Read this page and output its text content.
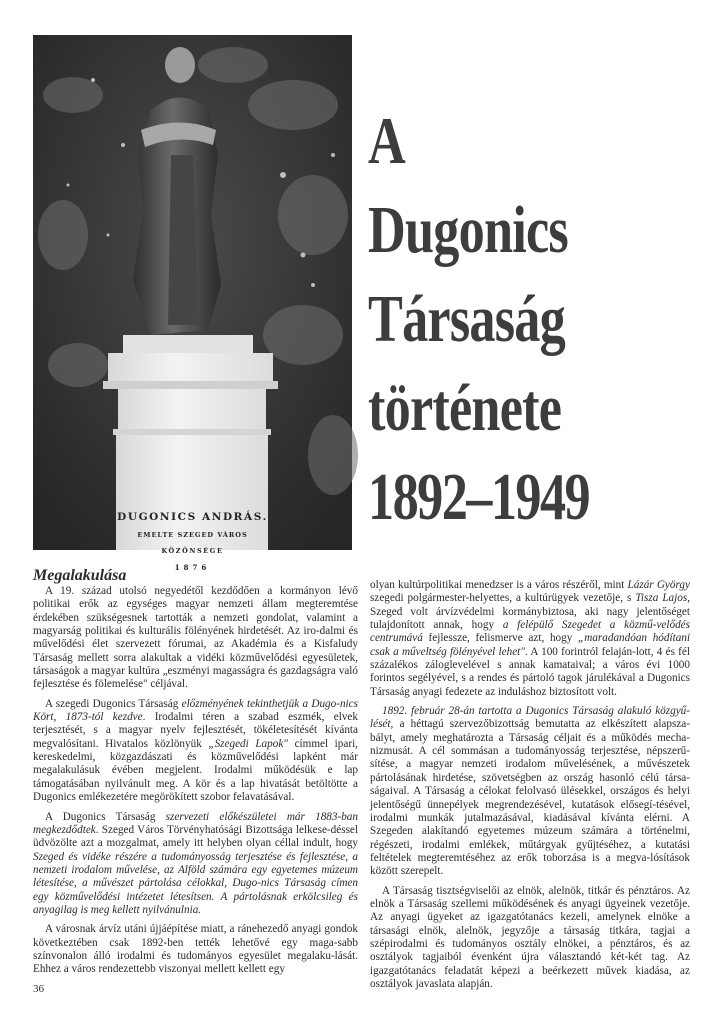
DUGONICS ANDRÁS.
EMELTE SZEGED VÁROS
KÖZÖNSÉGE
1876
A
Dugonics
Társaság
története
1892–1949
Megalakulása

A 19. század utolsó negyedétől kezdődően a kormányon lévő politikai erők az egységes magyar nemzeti állam megteremtése érdekében szükségesnek tartották a nemzeti gondolat, valamint a magyarság politikai és kulturális fölényének hirdetését. Az iro-dalmi és művelődési élet szervezett fórumai, az Akadémia és a Kisfaludy Társaság mellett sorra alakultak a vidéki közművelődési egyesületek, társaságok a magyar kultúra „eszményi magasságra és gazdagságra való fejlesztése és fölemelése" céljával.

A szegedi Dugonics Társaság előzményének tekinthetjük a Dugo-nics Kört, 1873-tól kezdve. Irodalmi téren a szabad eszmék, elvek terjesztését, s a magyar nyelv fejlesztését, tökéletesítését kívánta megvalósítani. Hivatalos közlönyük „Szegedi Lapok" címmel ipari, kereskedelmi, közgazdászati és közművelődési lapként már megalakulásuk évében megjelent. Irodalmi működésük e lap támogatásában nyilvánult meg. A kör és a lap hivatását betöltötte a Dugonics emlékezetére megörökített szobor felavatásával.

A Dugonics Társaság szervezeti előkészületei már 1883-ban megkezdődtek. Szeged Város Törvényhatósági Bizottsága lelkese-déssel üdvözölte azt a mozgalmat, amely itt helyben olyan céllal indult, hogy Szeged és vidéke részére a tudományosság terjesztése és fejlesztése, a nemzeti irodalom művelése, az Alföld számára egy egyetemes múzeum létesítése, a művészet pártolása célokkal, Dugo-nics Társaság címen egy közművelődési intézetet létesítsen. A pártolásnak erkölcsileg és anyagilag is meg kellett nyilvánulnia.

A városnak árvíz utáni újjáépítése miatt, a ránehezedő anyagi gondok következtében csak 1892-ben tették lehetővé egy maga-sabb színvonalon álló irodalmi és tudományos egyesület megalaku-lását. Ehhez a város rendezettebb viszonyai mellett kellett egy

olyan kultúrpolitikai menedzser is a város részéről, mint Lázár György szegedi polgármester-helyettes, a kultúrügyek vezetője, s Tisza Lajos, Szeged volt árvízvédelmi kormánybiztosa, aki nagy jelentőséget tulajdonított annak, hogy a felépülő Szegedet a közmű-velődés centrumává fejlessze, felismerve azt, hogy „maradandóan hódítani csak a műveltség fölényével lehet". A 100 forintról felaján-lott, 4 és fél százalékos záloglevelével s annak kamataival; a város évi 1000 forintos segélyével, s a rendes és pártoló tagok járulékával a Dugonics Társaság anyagi fedezete az induláshoz biztosított volt.

1892. február 28-án tartotta a Dugonics Társaság alakuló közgyű-lését, a héttagú szervezőbizottság bemutatta az elkészített alapsza-bályt, amely meghatározta a Társaság céljait és a működés mecha-nizmusát. A cél sommásan a tudományosság terjesztése, népszerű-sítése, a magyar nemzeti irodalom művelésének, a művészetek pártolásának hirdetése, szövetségben az ország hasonló célú társa-ságaival. A Társaság a célokat felolvasó ülésekkel, országos és helyi jelentőségű ünnepélyek megrendezésével, kutatások elősegí-tésével, irodalmi munkák jutalmazásával, kiadásával kívánta elérni. A Szegeden alakítandó egyetemes múzeum számára a történelmi, régészeti, irodalmi emlékek, műtárgyak gyűjtéséhez, a kutatási feltételek megteremtéséhez az erők toborzása is a megva-lósítások között szerepelt.

A Társaság tisztségviselői az elnök, alelnök, titkár és pénztáros. Az elnök a Társaság szellemi működésének és anyagi ügyeinek vezetője. Az anyagi ügyeket az igazgatótanács kezeli, amelynek elnöke a társasági elnök, alelnök, jegyzője a társaság titkára, tagjai a szépirodalmi és tudományos osztály elnökei, a pénztáros, és az osztályok tagjaiból évenként újra választandó két-két tag. Az igazgatótanács feladatát képezi a beérkezett művek kiadása, az osztályok javaslata alapján.

36
